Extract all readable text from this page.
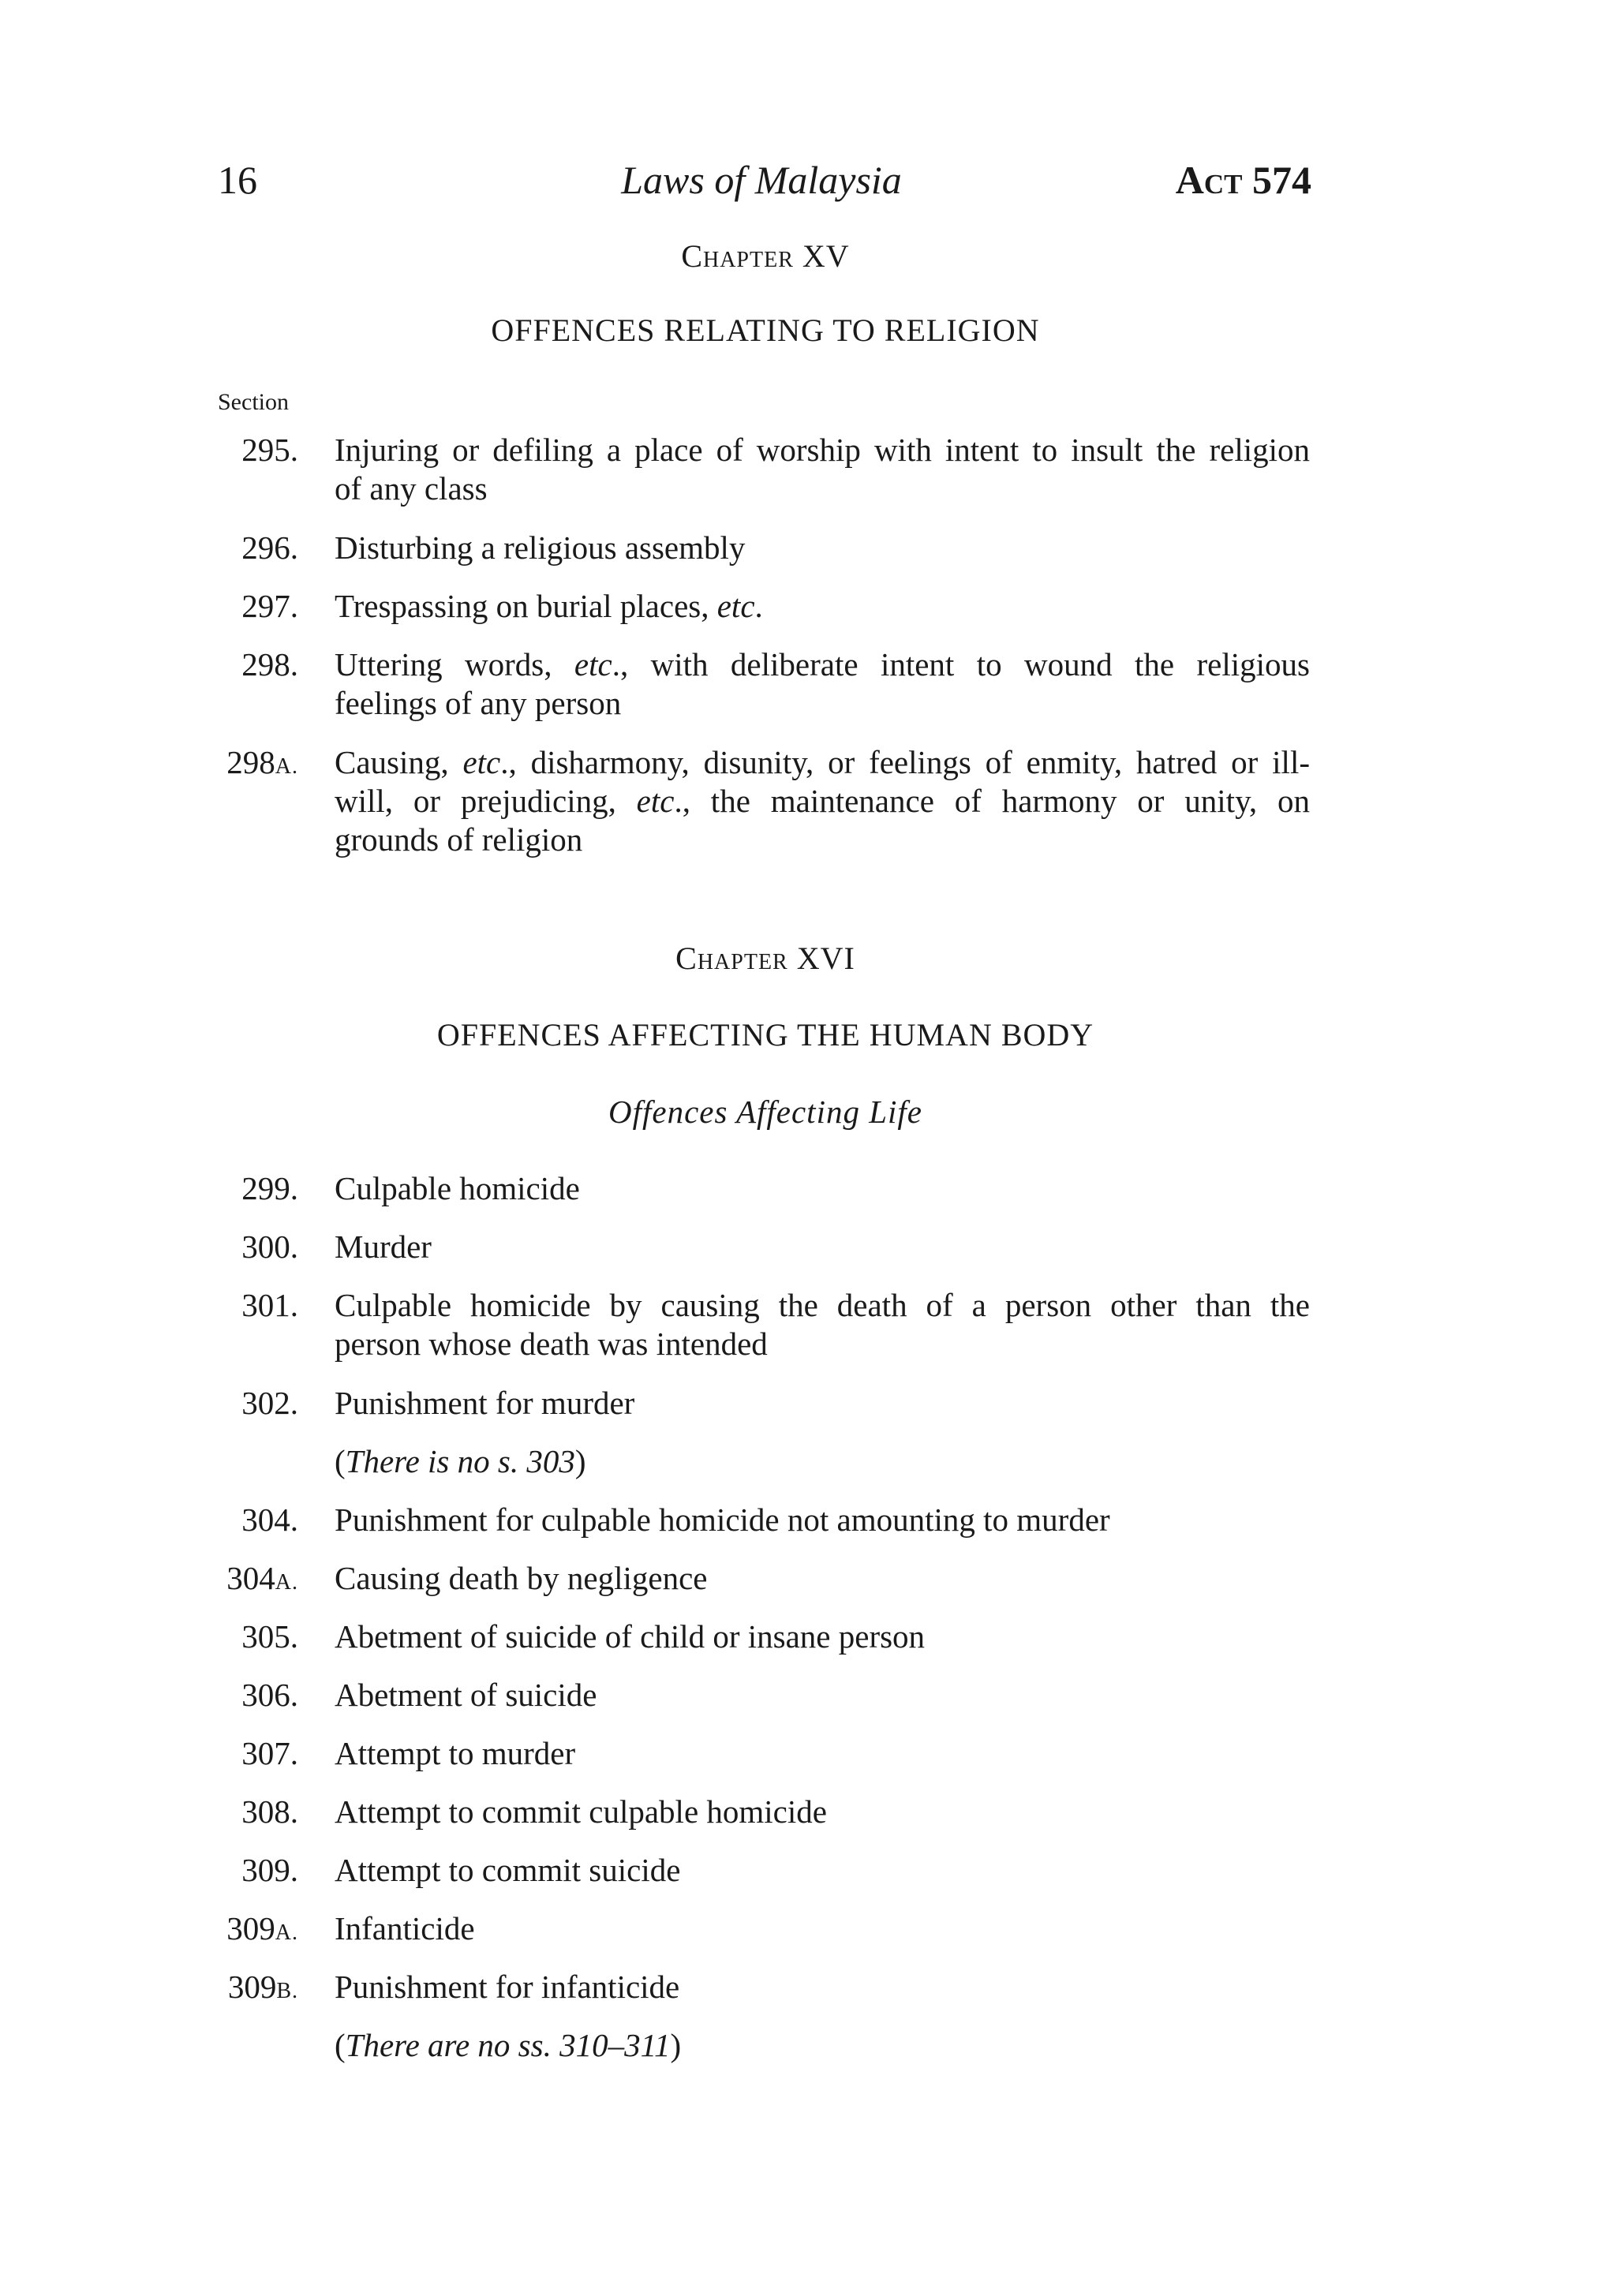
16	Laws of Malaysia	Act 574
Chapter XV
OFFENCES RELATING TO RELIGION
Section
295. Injuring or defiling a place of worship with intent to insult the religion
of any class
296. Disturbing a religious assembly
297. Trespassing on burial places, etc.
298. Uttering words, etc., with deliberate intent to wound the religious
feelings of any person
298A. Causing, etc., disharmony, disunity, or feelings of enmity, hatred or ill-
will, or prejudicing, etc., the maintenance of harmony or unity, on
grounds of religion
Chapter XVI
OFFENCES AFFECTING THE HUMAN BODY
Offences Affecting Life
299. Culpable homicide
300. Murder
301. Culpable homicide by causing the death of a person other than the
person whose death was intended
302. Punishment for murder
(There is no s. 303)
304. Punishment for culpable homicide not amounting to murder
304A. Causing death by negligence
305. Abetment of suicide of child or insane person
306. Abetment of suicide
307. Attempt to murder
308. Attempt to commit culpable homicide
309. Attempt to commit suicide
309A. Infanticide
309B. Punishment for infanticide
(There are no ss. 310–311)
